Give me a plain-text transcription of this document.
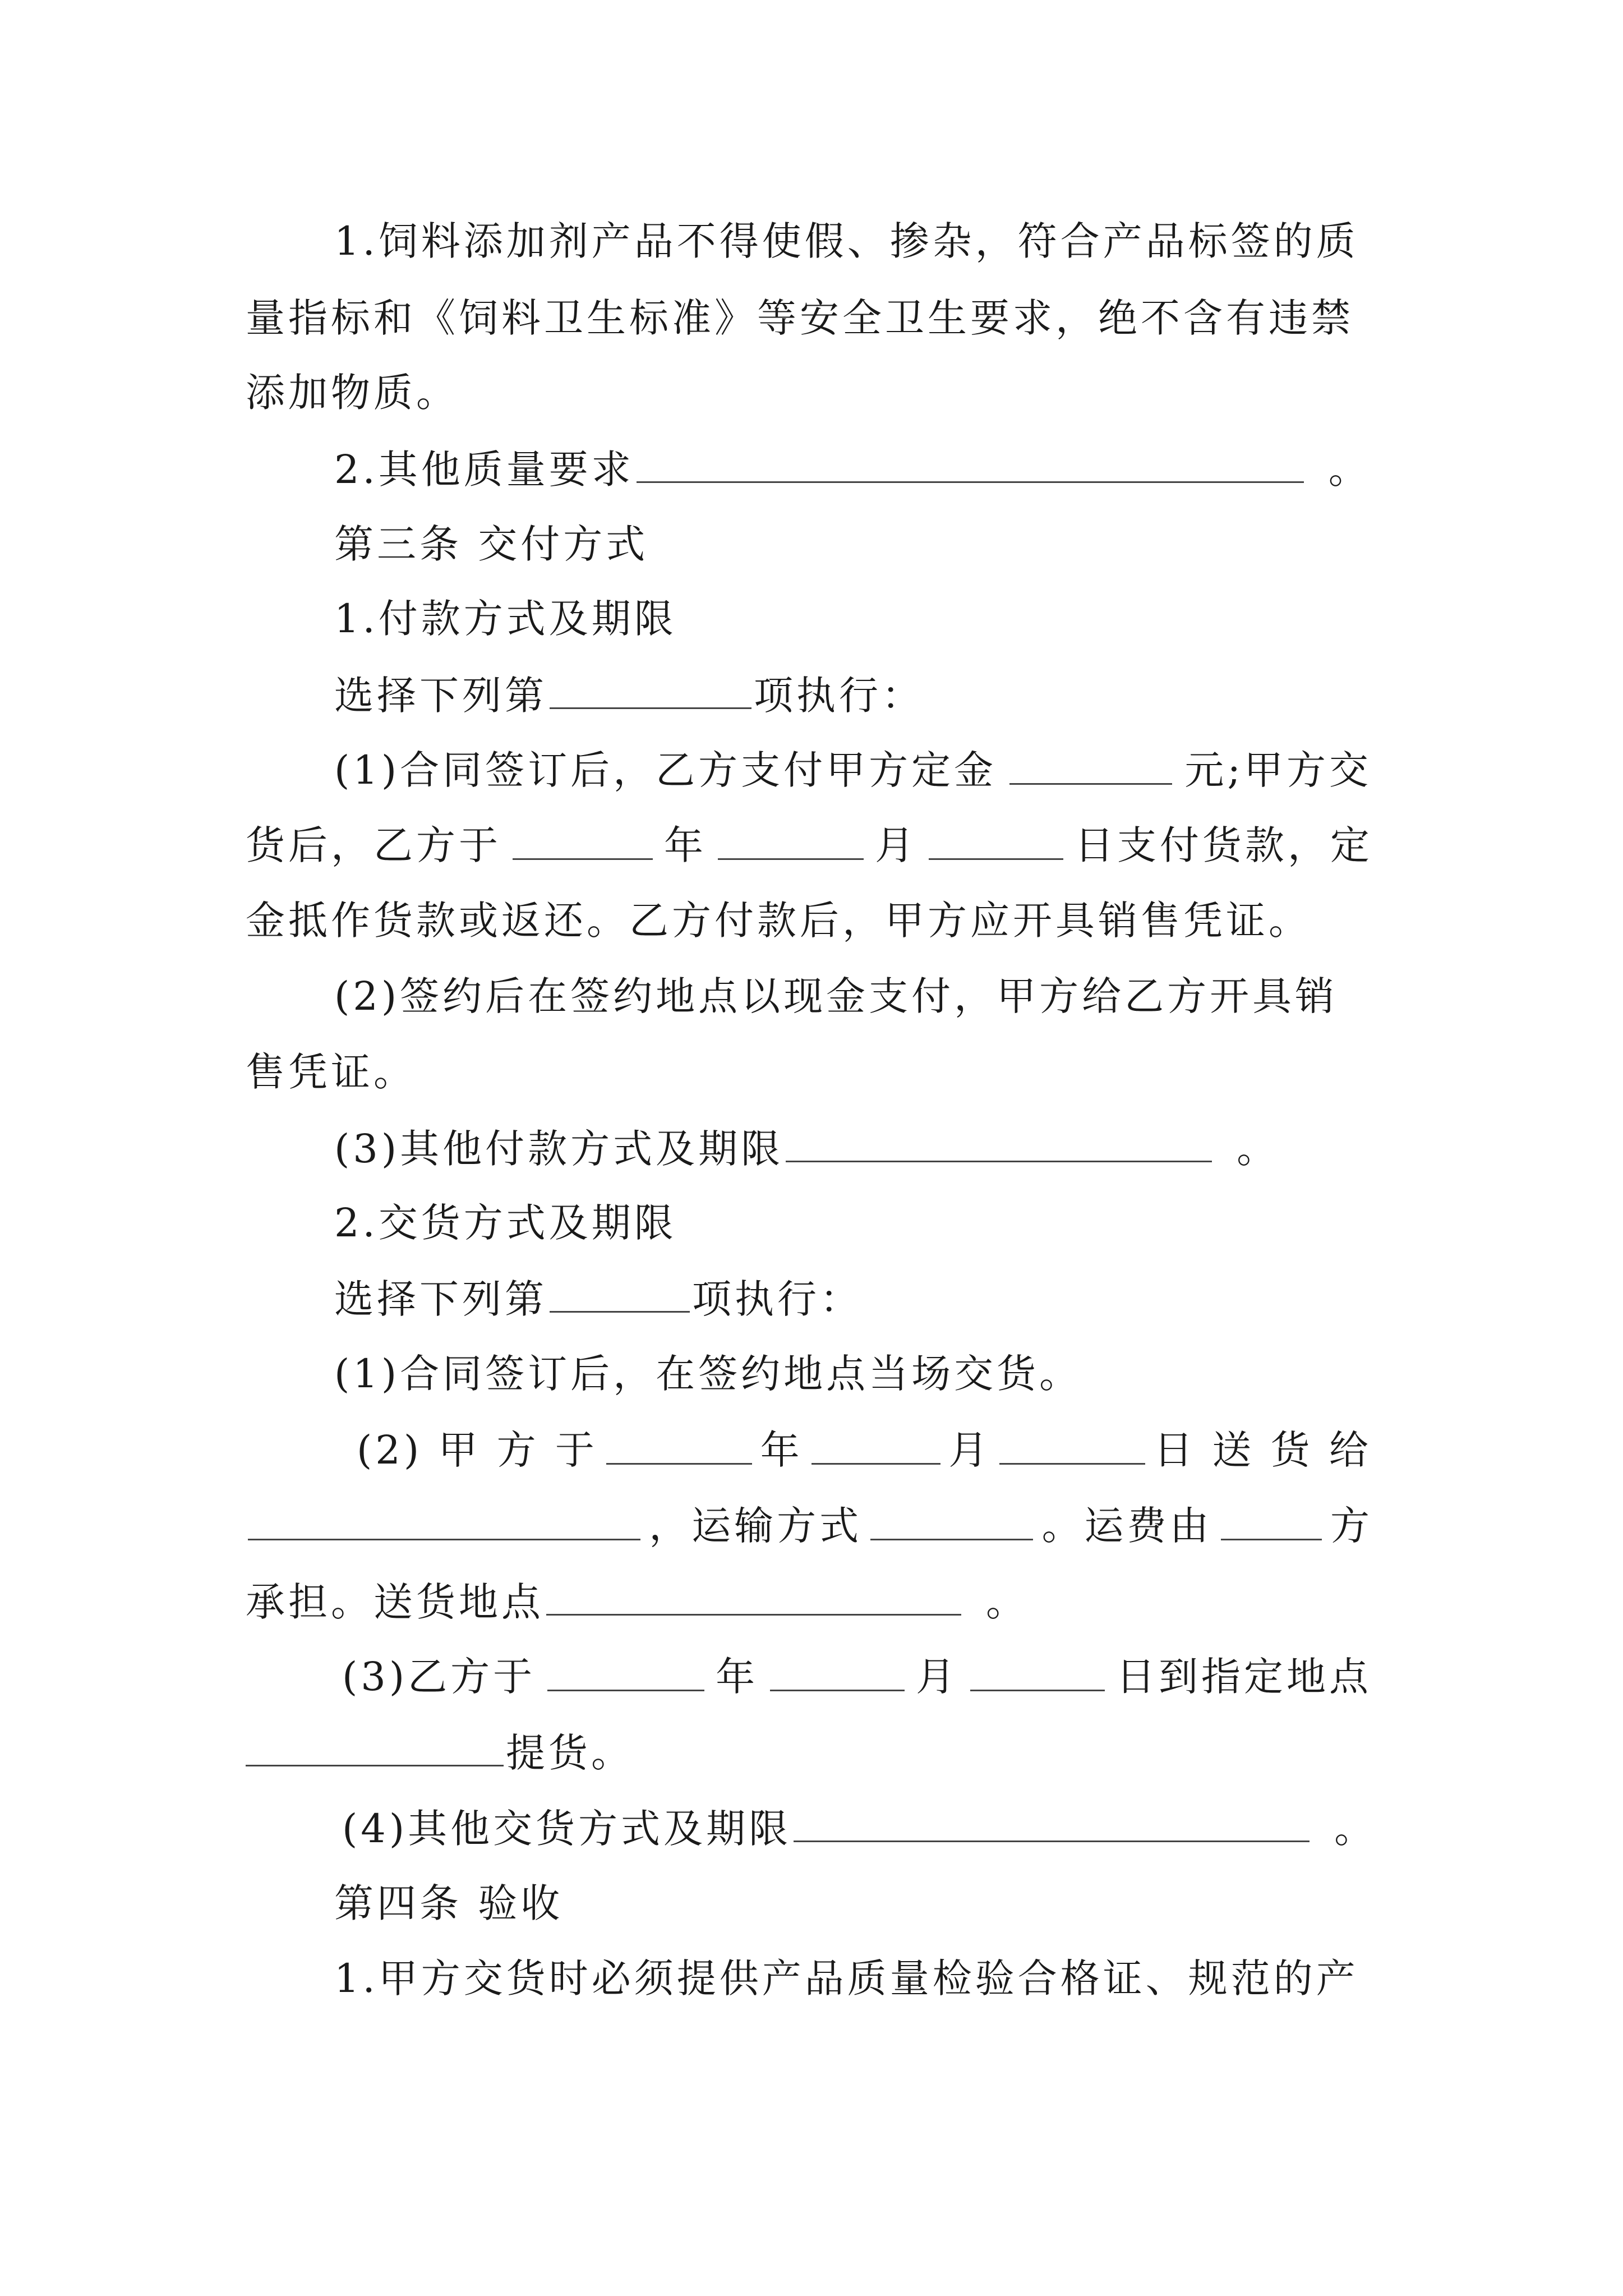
1.饲料添加剂产品不得使假、掺杂，符合产品标签的质
量指标和《饲料卫生标准》等安全卫生要求，绝不含有违禁
添加物质。
2.其他质量要求	。
第三条 交付方式
1.付款方式及期限
选择下列第	项执行：
(1)合同签订后，乙方支付甲方定金	元;甲方交
货后，乙方于	年	月	日支付货款，定
金抵作货款或返还。乙方付款后，甲方应开具销售凭证。
(2)签约后在签约地点以现金支付，甲方给乙方开具销
售凭证。
(3)其他付款方式及期限	。
2.交货方式及期限
选择下列第	项执行：
(1)合同签订后，在签约地点当场交货。
(2) 甲 方 于	年	月	日 送 货 给
，运输方式	。运费由	方
承担。送货地点	。
(3)乙方于	年	月	日到指定地点
提货。
(4)其他交货方式及期限	。
第四条 验收
1.甲方交货时必须提供产品质量检验合格证、规范的产
